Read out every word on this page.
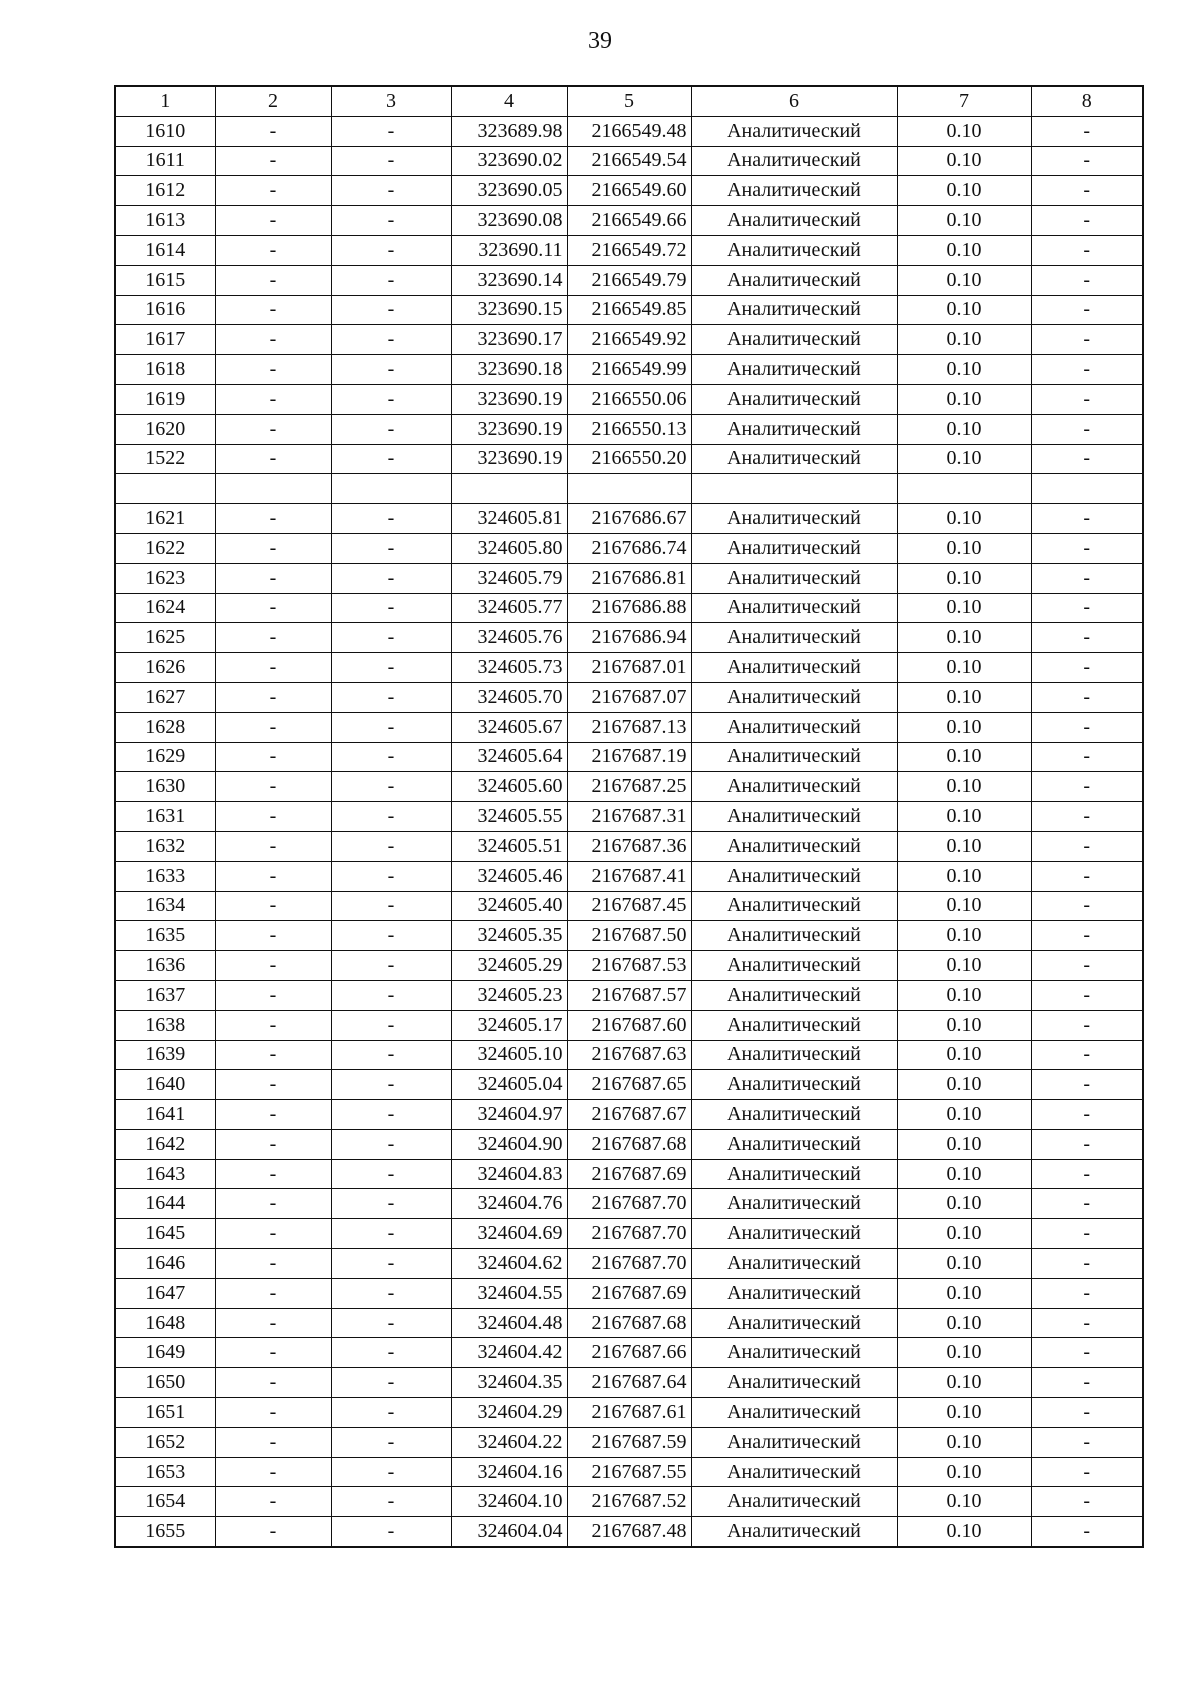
39
1	2	3	4	5	6	7	8
1610	-	-	323689.98	2166549.48	Аналитический	0.10	-
1611	-	-	323690.02	2166549.54	Аналитический	0.10	-
1612	-	-	323690.05	2166549.60	Аналитический	0.10	-
1613	-	-	323690.08	2166549.66	Аналитический	0.10	-
1614	-	-	323690.11	2166549.72	Аналитический	0.10	-
1615	-	-	323690.14	2166549.79	Аналитический	0.10	-
1616	-	-	323690.15	2166549.85	Аналитический	0.10	-
1617	-	-	323690.17	2166549.92	Аналитический	0.10	-
1618	-	-	323690.18	2166549.99	Аналитический	0.10	-
1619	-	-	323690.19	2166550.06	Аналитический	0.10	-
1620	-	-	323690.19	2166550.13	Аналитический	0.10	-
1522	-	-	323690.19	2166550.20	Аналитический	0.10	-

1621	-	-	324605.81	2167686.67	Аналитический	0.10	-
1622	-	-	324605.80	2167686.74	Аналитический	0.10	-
1623	-	-	324605.79	2167686.81	Аналитический	0.10	-
1624	-	-	324605.77	2167686.88	Аналитический	0.10	-
1625	-	-	324605.76	2167686.94	Аналитический	0.10	-
1626	-	-	324605.73	2167687.01	Аналитический	0.10	-
1627	-	-	324605.70	2167687.07	Аналитический	0.10	-
1628	-	-	324605.67	2167687.13	Аналитический	0.10	-
1629	-	-	324605.64	2167687.19	Аналитический	0.10	-
1630	-	-	324605.60	2167687.25	Аналитический	0.10	-
1631	-	-	324605.55	2167687.31	Аналитический	0.10	-
1632	-	-	324605.51	2167687.36	Аналитический	0.10	-
1633	-	-	324605.46	2167687.41	Аналитический	0.10	-
1634	-	-	324605.40	2167687.45	Аналитический	0.10	-
1635	-	-	324605.35	2167687.50	Аналитический	0.10	-
1636	-	-	324605.29	2167687.53	Аналитический	0.10	-
1637	-	-	324605.23	2167687.57	Аналитический	0.10	-
1638	-	-	324605.17	2167687.60	Аналитический	0.10	-
1639	-	-	324605.10	2167687.63	Аналитический	0.10	-
1640	-	-	324605.04	2167687.65	Аналитический	0.10	-
1641	-	-	324604.97	2167687.67	Аналитический	0.10	-
1642	-	-	324604.90	2167687.68	Аналитический	0.10	-
1643	-	-	324604.83	2167687.69	Аналитический	0.10	-
1644	-	-	324604.76	2167687.70	Аналитический	0.10	-
1645	-	-	324604.69	2167687.70	Аналитический	0.10	-
1646	-	-	324604.62	2167687.70	Аналитический	0.10	-
1647	-	-	324604.55	2167687.69	Аналитический	0.10	-
1648	-	-	324604.48	2167687.68	Аналитический	0.10	-
1649	-	-	324604.42	2167687.66	Аналитический	0.10	-
1650	-	-	324604.35	2167687.64	Аналитический	0.10	-
1651	-	-	324604.29	2167687.61	Аналитический	0.10	-
1652	-	-	324604.22	2167687.59	Аналитический	0.10	-
1653	-	-	324604.16	2167687.55	Аналитический	0.10	-
1654	-	-	324604.10	2167687.52	Аналитический	0.10	-
1655	-	-	324604.04	2167687.48	Аналитический	0.10	-
